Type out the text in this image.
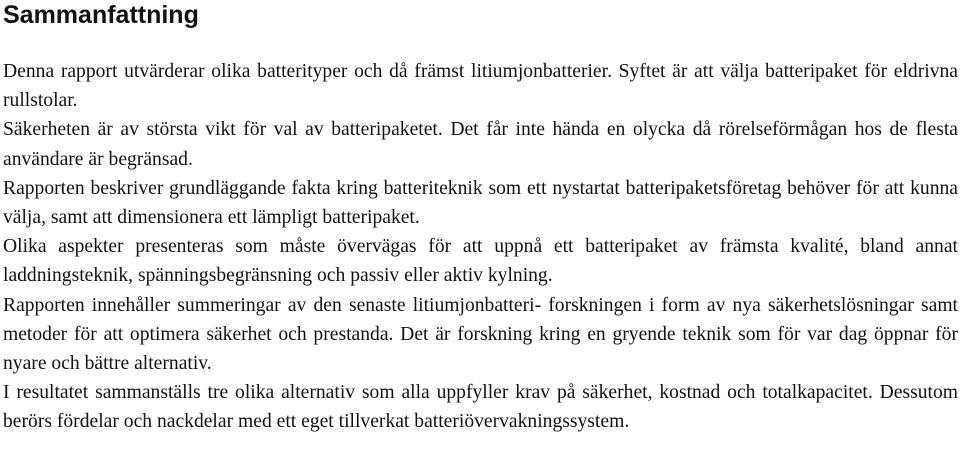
Sammanfattning

Denna rapport utvärderar olika batterityper och då främst litiumjonbatterier. Syftet är att välja batteripaket för eldrivna rullstolar.

Säkerheten är av största vikt för val av batteripaketet. Det får inte hända en olycka då rörelseförmågan hos de flesta användare är begränsad.

Rapporten beskriver grundläggande fakta kring batteriteknik som ett nystartat batteripaketsföretag behöver för att kunna välja, samt att dimensionera ett lämpligt batteripaket.

Olika aspekter presenteras som måste övervägas för att uppnå ett batteripaket av främsta kvalité, bland annat laddningsteknik, spänningsbegränsning och passiv eller aktiv kylning.

Rapporten innehåller summeringar av den senaste litiumjonbatteri- forskningen i form av nya säkerhetslösningar samt metoder för att optimera säkerhet och prestanda. Det är forskning kring en gryende teknik som för var dag öppnar för nyare och bättre alternativ.

I resultatet sammanställs tre olika alternativ som alla uppfyller krav på säkerhet, kostnad och totalkapacitet. Dessutom berörs fördelar och nackdelar med ett eget tillverkat batteriövervakningssystem.
